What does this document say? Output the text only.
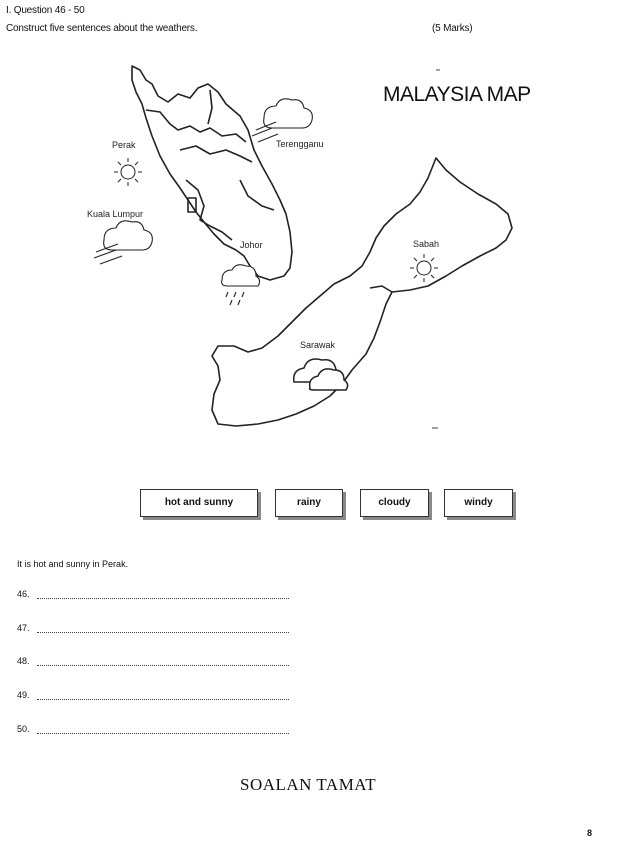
I. Question 46 - 50
Construct five sentences about the weathers.	(5 Marks)
MALAYSIA MAP
Perak	Terengganu
Kuala Lumpur
Johor	Sabah
Sarawak
hot and sunny	rainy	cloudy	windy
It is hot and sunny in Perak.
46.
47.
48.
49.
50.
SOALAN TAMAT
8
